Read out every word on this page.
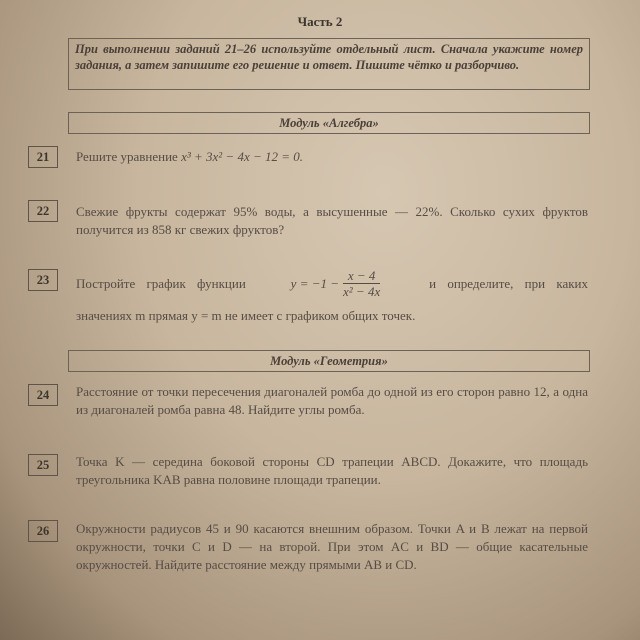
Часть 2
При выполнении заданий 21–26 используйте отдельный лист. Сначала укажите номер задания, а затем запишите его решение и ответ. Пишите чётко и разборчиво.
Модуль «Алгебра»
21	Решите уравнение x³ + 3x² − 4x − 12 = 0.
22	Свежие фрукты содержат 95% воды, а высушенные — 22%. Сколько сухих фруктов получится из 858 кг свежих фруктов?
23	Постройте график функции	$y = -1 - \frac{x - 4}{\text{x² − 4x}}$	и определите, при каких
значениях m прямая y = m не имеет с графиком общих точек.
Модуль «Геометрия»
24	Расстояние от точки пересечения диагоналей ромба до одной из его сторон равно 12, а одна из диагоналей ромба равна 48. Найдите углы ромба.
25	Точка K — середина боковой стороны CD трапеции ABCD. Докажите, что площадь треугольника KAB равна половине площади трапеции.
26	Окружности радиусов 45 и 90 касаются внешним образом. Точки A и B лежат на первой окружности, точки C и D — на второй. При этом AC и BD — общие касательные окружностей. Найдите расстояние между прямыми AB и CD.
